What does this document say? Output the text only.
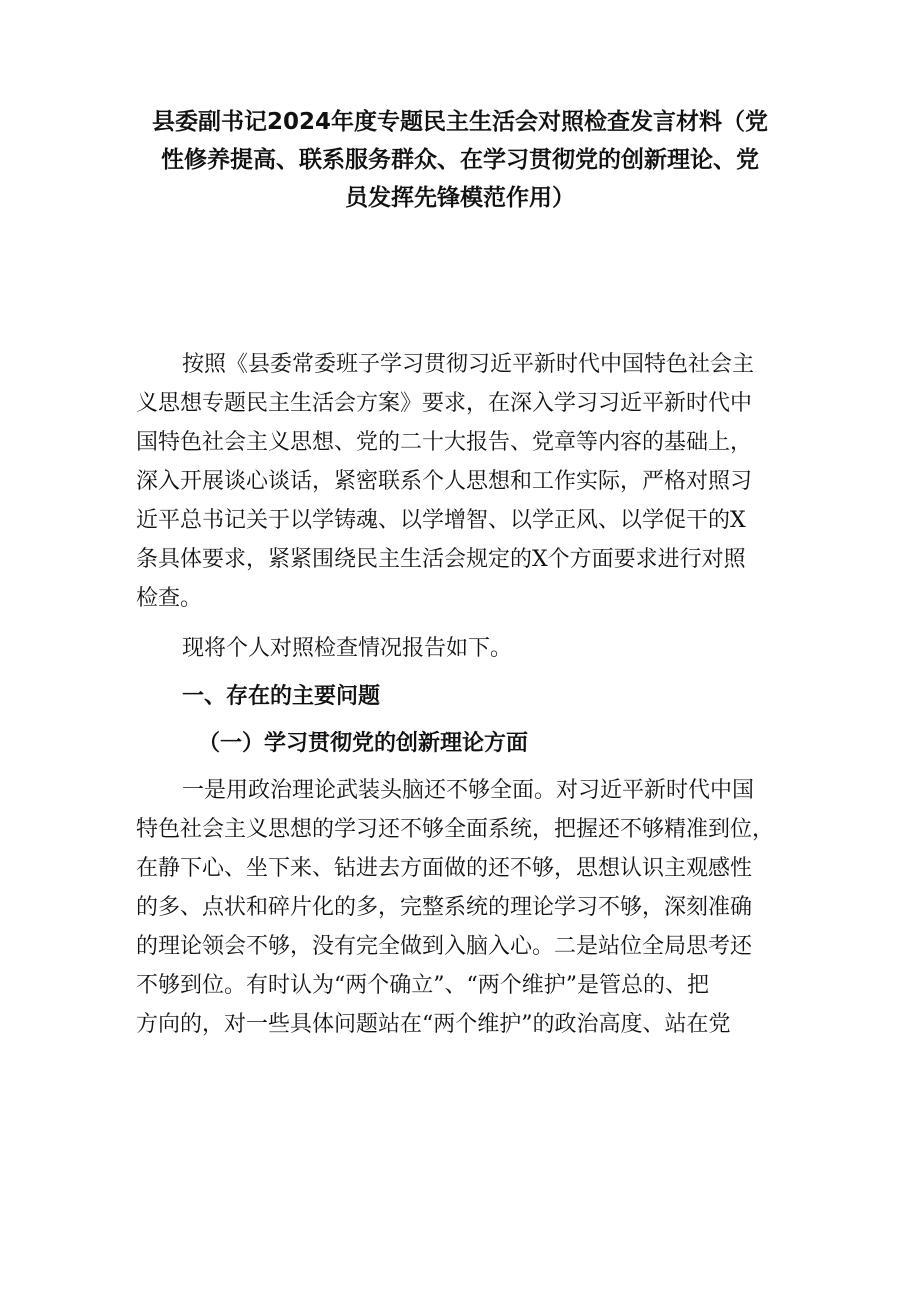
县委副书记2024年度专题民主生活会对照检查发言材料（党
性修养提高、联系服务群众、在学习贯彻党的创新理论、党
员发挥先锋模范作用）

按照《县委常委班子学习贯彻习近平新时代中国特色社会主
义思想专题民主生活会方案》要求，在深入学习习近平新时代中
国特色社会主义思想、党的二十大报告、党章等内容的基础上，
深入开展谈心谈话，紧密联系个人思想和工作实际，严格对照习
近平总书记关于以学铸魂、以学增智、以学正风、以学促干的X
条具体要求，紧紧围绕民主生活会规定的X个方面要求进行对照
检查。

现将个人对照检查情况报告如下。

一、存在的主要问题
（一）学习贯彻党的创新理论方面

一是用政治理论武装头脑还不够全面。对习近平新时代中国
特色社会主义思想的学习还不够全面系统，把握还不够精准到位，
在静下心、坐下来、钻进去方面做的还不够，思想认识主观感性
的多、点状和碎片化的多，完整系统的理论学习不够，深刻准确
的理论领会不够，没有完全做到入脑入心。二是站位全局思考还
不够到位。有时认为“两个确立”、“两个维护”是管总的、把
方向的，对一些具体问题站在“两个维护”的政治高度、站在党
